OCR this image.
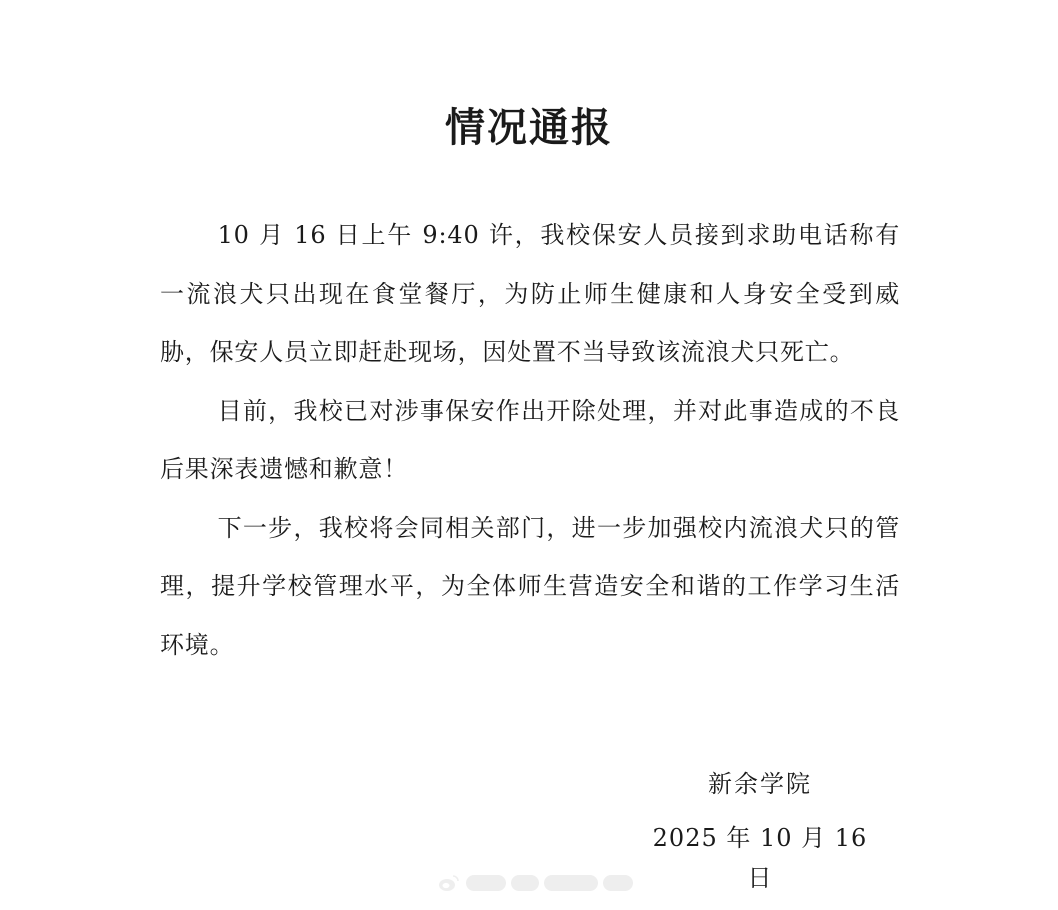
情况通报

10 月 16 日上午 9:40 许，我校保安人员接到求助电话称有一流浪犬只出现在食堂餐厅，为防止师生健康和人身安全受到威胁，保安人员立即赶赴现场，因处置不当导致该流浪犬只死亡。

目前，我校已对涉事保安作出开除处理，并对此事造成的不良后果深表遗憾和歉意！

下一步，我校将会同相关部门，进一步加强校内流浪犬只的管理，提升学校管理水平，为全体师生营造安全和谐的工作学习生活环境。

新余学院
2025 年 10 月 16 日
